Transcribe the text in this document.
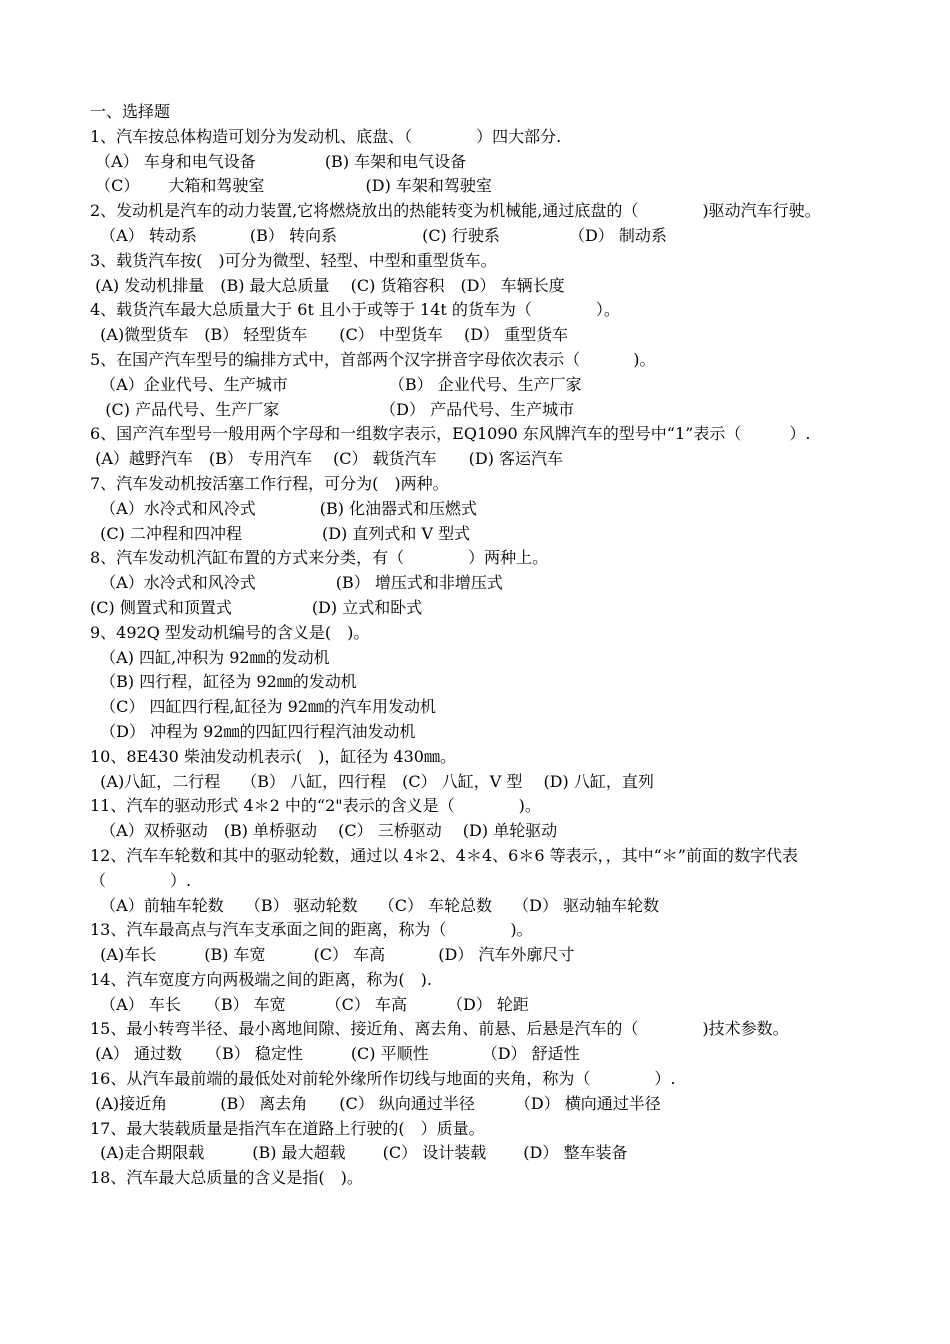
一、选择题
1、汽车按总体构造可划分为发动机、底盘、（　　　　）四大部分.
（A） 车身和电气设备　　　　 (B) 车架和电气设备
（C）　　 大箱和驾驶室　　　　　　 (D) 车架和驾驶室
2、发动机是汽车的动力装置,它将燃烧放出的热能转变为机械能,通过底盘的（　　　　)驱动汽车行驶。
（A） 转动系　　　 (B） 转向系　　　　　 (C) 行驶系　　　　 （D） 制动系
3、载货汽车按(　)可分为微型、轻型、中型和重型货车。
(A) 发动机排量　(B) 最大总质量　 (C) 货箱容积　(D） 车辆长度
4、载货汽车最大总质量大于 6t 且小于或等于 14t 的货车为（　　　　）。
(A)微型货车　(B） 轻型货车　　(C） 中型货车　 (D） 重型货车
5、在国产汽车型号的编排方式中，首部两个汉字拼音字母依次表示（　　　 )。
（A）企业代号、生产城市　　　　　　 （B） 企业代号、生产厂家
(C) 产品代号、生产厂家　　　　　　 （D） 产品代号、生产城市
6、国产汽车型号一般用两个字母和一组数字表示，EQ1090 东风牌汽车的型号中“1”表示（　　　）.
(A）越野汽车　(B） 专用汽车　 (C） 载货汽车　　(D) 客运汽车
7、汽车发动机按活塞工作行程，可分为(　)两种。
（A）水冷式和风冷式　　　　(B) 化油器式和压燃式
(C) 二冲程和四冲程　　　　　(D) 直列式和 V 型式
8、汽车发动机汽缸布置的方式来分类，有（　　　　）两种上。
（A）水冷式和风冷式　　　　　(B） 增压式和非增压式
(C) 侧置式和顶置式　　　　　(D) 立式和卧式
9、492Q 型发动机编号的含义是(　)。
（A) 四缸,冲积为 92㎜的发动机
（B) 四行程，缸径为 92㎜的发动机
（C） 四缸四行程,缸径为 92㎜的汽车用发动机
（D） 冲程为 92㎜的四缸四行程汽油发动机
10、8E430 柴油发动机表示(　)，缸径为 430㎜。
(A)八缸，二行程　 （B） 八缸，四行程　(C） 八缸，V 型　 (D) 八缸，直列
11、汽车的驱动形式 4＊2 中的“2"表示的含义是（　　　　)。
（A）双桥驱动　(B) 单桥驱动　 (C） 三桥驱动　 (D) 单轮驱动
12、汽车车轮数和其中的驱动轮数，通过以 4＊2、4＊4、6＊6 等表示，，其中“＊”前面的数字代表（　　　　）.
（A）前轴车轮数　 （B） 驱动轮数　 （C） 车轮总数　 （D） 驱动轴车轮数
13、汽车最高点与汽车支承面之间的距离，称为（　　　　)。
(A)车长　　　(B) 车宽　　　(C） 车高　　　 (D） 汽车外廓尺寸
14、汽车宽度方向两极端之间的距离，称为(　).
（A） 车长　　（B） 车宽　　　（C） 车高　　　（D） 轮距
15、最小转弯半径、最小离地间隙、接近角、离去角、前悬、后悬是汽车的（　　　　)技术参数。
(A） 通过数　　（B） 稳定性　　　(C) 平顺性　　　 （D） 舒适性
16、从汽车最前端的最低处对前轮外缘所作切线与地面的夹角，称为（　　　　）.
(A)接近角　　　 (B） 离去角　　(C） 纵向通过半径　　　（D） 横向通过半径
17、最大装载质量是指汽车在道路上行驶的(　）质量。
(A)走合期限载　　　(B) 最大超载　　 (C） 设计装载　　 (D） 整车装备
18、汽车最大总质量的含义是指(　)。
